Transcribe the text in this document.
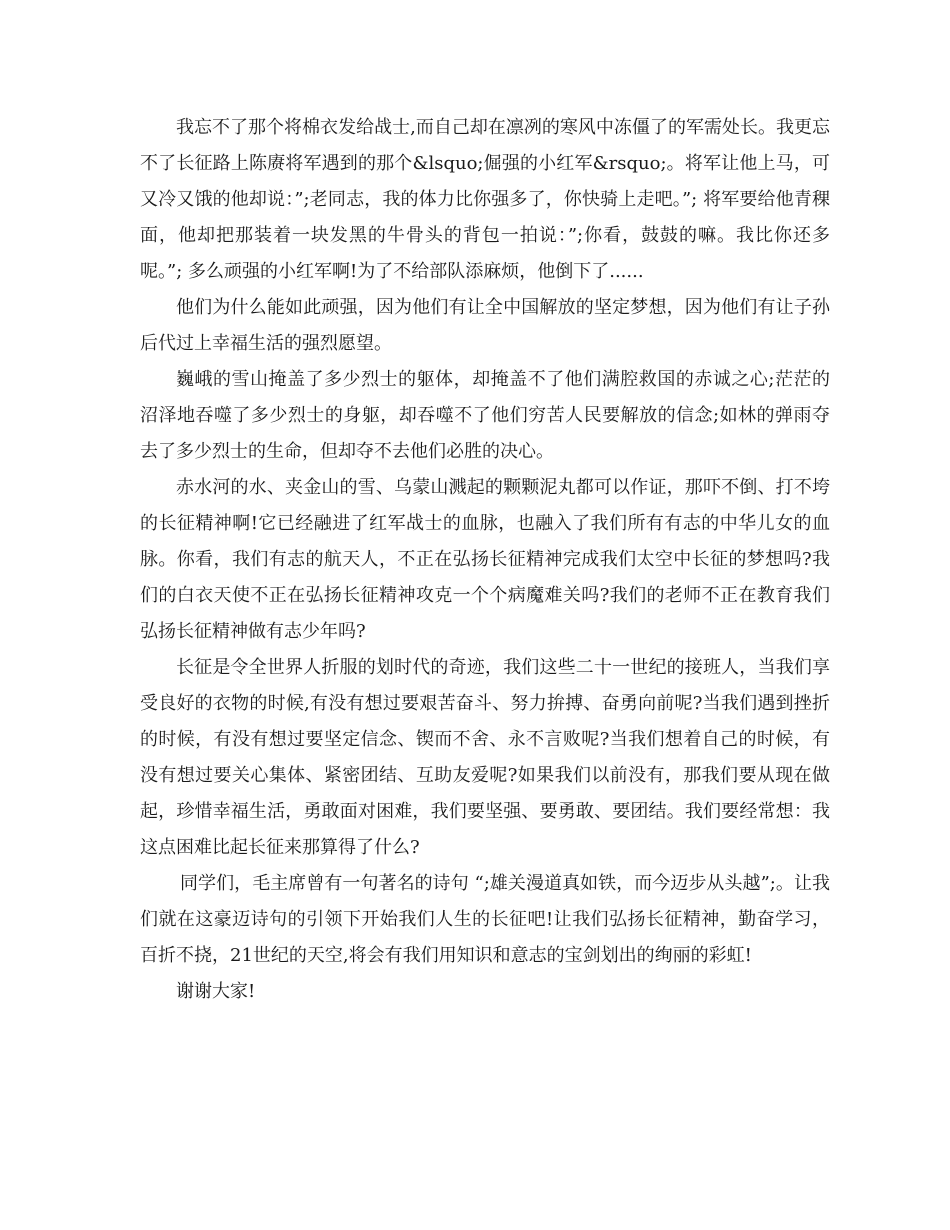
我忘不了那个将棉衣发给战士,而自己却在凛冽的寒风中冻僵了的军需处长。我更忘不了长征路上陈赓将军遇到的那个&lsquo;倔强的小红军&rsquo;。将军让他上马，可又冷又饿的他却说：”;老同志，我的体力比你强多了，你快骑上走吧。”; 将军要给他青稞面，他却把那装着一块发黑的牛骨头的背包一拍说：”;你看，鼓鼓的嘛。我比你还多呢。”; 多么顽强的小红军啊!为了不给部队添麻烦，他倒下了......

他们为什么能如此顽强，因为他们有让全中国解放的坚定梦想，因为他们有让子孙后代过上幸福生活的强烈愿望。

巍峨的雪山掩盖了多少烈士的躯体，却掩盖不了他们满腔救国的赤诚之心;茫茫的沼泽地吞噬了多少烈士的身躯，却吞噬不了他们穷苦人民要解放的信念;如林的弹雨夺去了多少烈士的生命，但却夺不去他们必胜的决心。

赤水河的水、夹金山的雪、乌蒙山溅起的颗颗泥丸都可以作证，那吓不倒、打不垮的长征精神啊!它已经融进了红军战士的血脉，也融入了我们所有有志的中华儿女的血脉。你看，我们有志的航天人，不正在弘扬长征精神完成我们太空中长征的梦想吗?我们的白衣天使不正在弘扬长征精神攻克一个个病魔难关吗?我们的老师不正在教育我们弘扬长征精神做有志少年吗?

长征是令全世界人折服的划时代的奇迹，我们这些二十一世纪的接班人，当我们享受良好的衣物的时候,有没有想过要艰苦奋斗、努力拚搏、奋勇向前呢?当我们遇到挫折的时候，有没有想过要坚定信念、锲而不舍、永不言败呢?当我们想着自己的时候，有没有想过要关心集体、紧密团结、互助友爱呢?如果我们以前没有，那我们要从现在做起，珍惜幸福生活，勇敢面对困难，我们要坚强、要勇敢、要团结。我们要经常想：我这点困难比起长征来那算得了什么?

同学们，毛主席曾有一句著名的诗句 “;雄关漫道真如铁，而今迈步从头越”;。让我们就在这豪迈诗句的引领下开始我们人生的长征吧!让我们弘扬长征精神，勤奋学习，百折不挠，21世纪的天空,将会有我们用知识和意志的宝剑划出的绚丽的彩虹!

谢谢大家!
